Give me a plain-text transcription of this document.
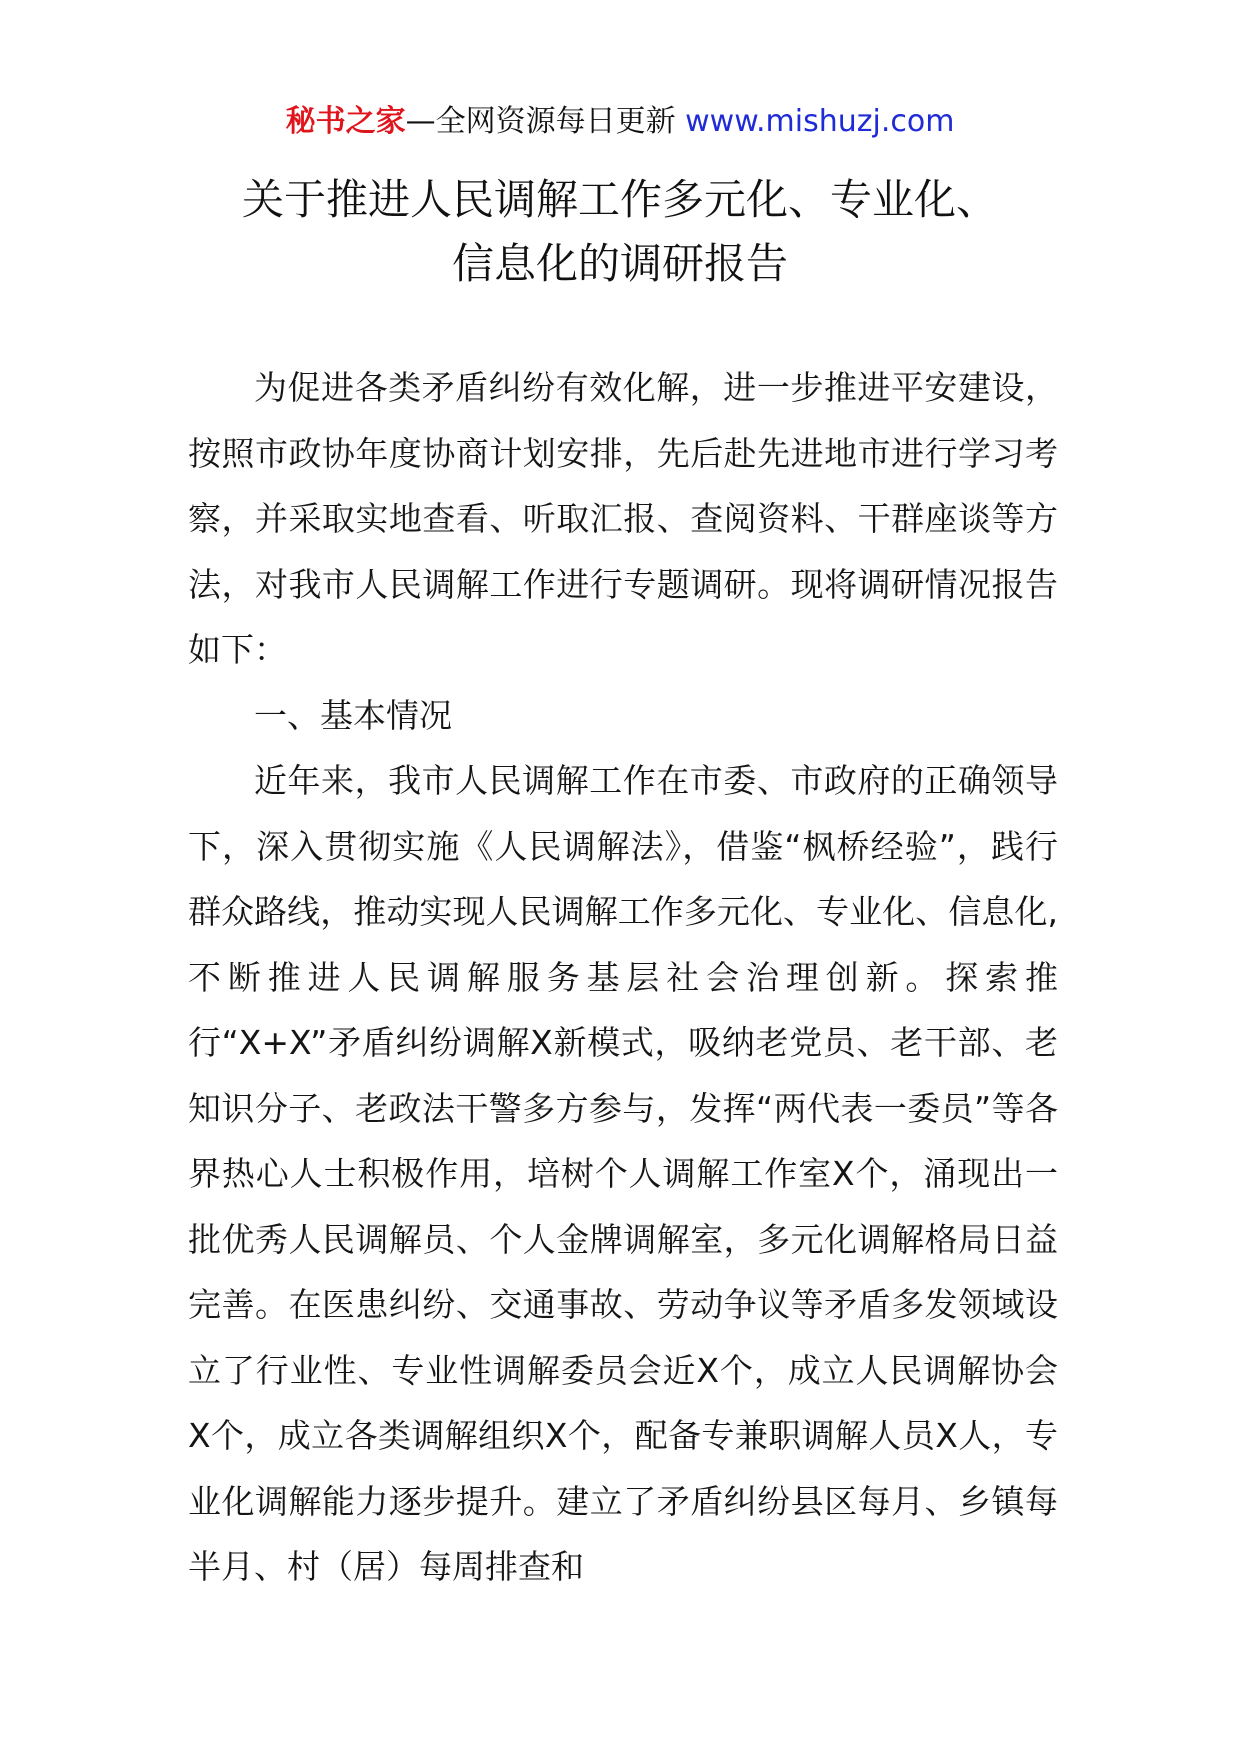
秘书之家—全网资源每日更新 www.mishuzj.com
关于推进人民调解工作多元化、专业化、
信息化的调研报告

为促进各类矛盾纠纷有效化解，进一步推进平安建设，按照市政协年度协商计划安排，先后赴先进地市进行学习考察，并采取实地查看、听取汇报、查阅资料、干群座谈等方法，对我市人民调解工作进行专题调研。现将调研情况报告如下：

一、基本情况

近年来，我市人民调解工作在市委、市政府的正确领导下，深入贯彻实施《人民调解法》，借鉴“枫桥经验”，践行群众路线，推动实现人民调解工作多元化、专业化、信息化,不断推进人民调解服务基层社会治理创新。探索推行“X+X”矛盾纠纷调解X新模式，吸纳老党员、老干部、老知识分子、老政法干警多方参与，发挥“两代表一委员”等各界热心人士积极作用，培树个人调解工作室X个，涌现出一批优秀人民调解员、个人金牌调解室，多元化调解格局日益完善。在医患纠纷、交通事故、劳动争议等矛盾多发领域设立了行业性、专业性调解委员会近X个，成立人民调解协会X个，成立各类调解组织X个，配备专兼职调解人员X人，专业化调解能力逐步提升。建立了矛盾纠纷县区每月、乡镇每半月、村（居）每周排查和
